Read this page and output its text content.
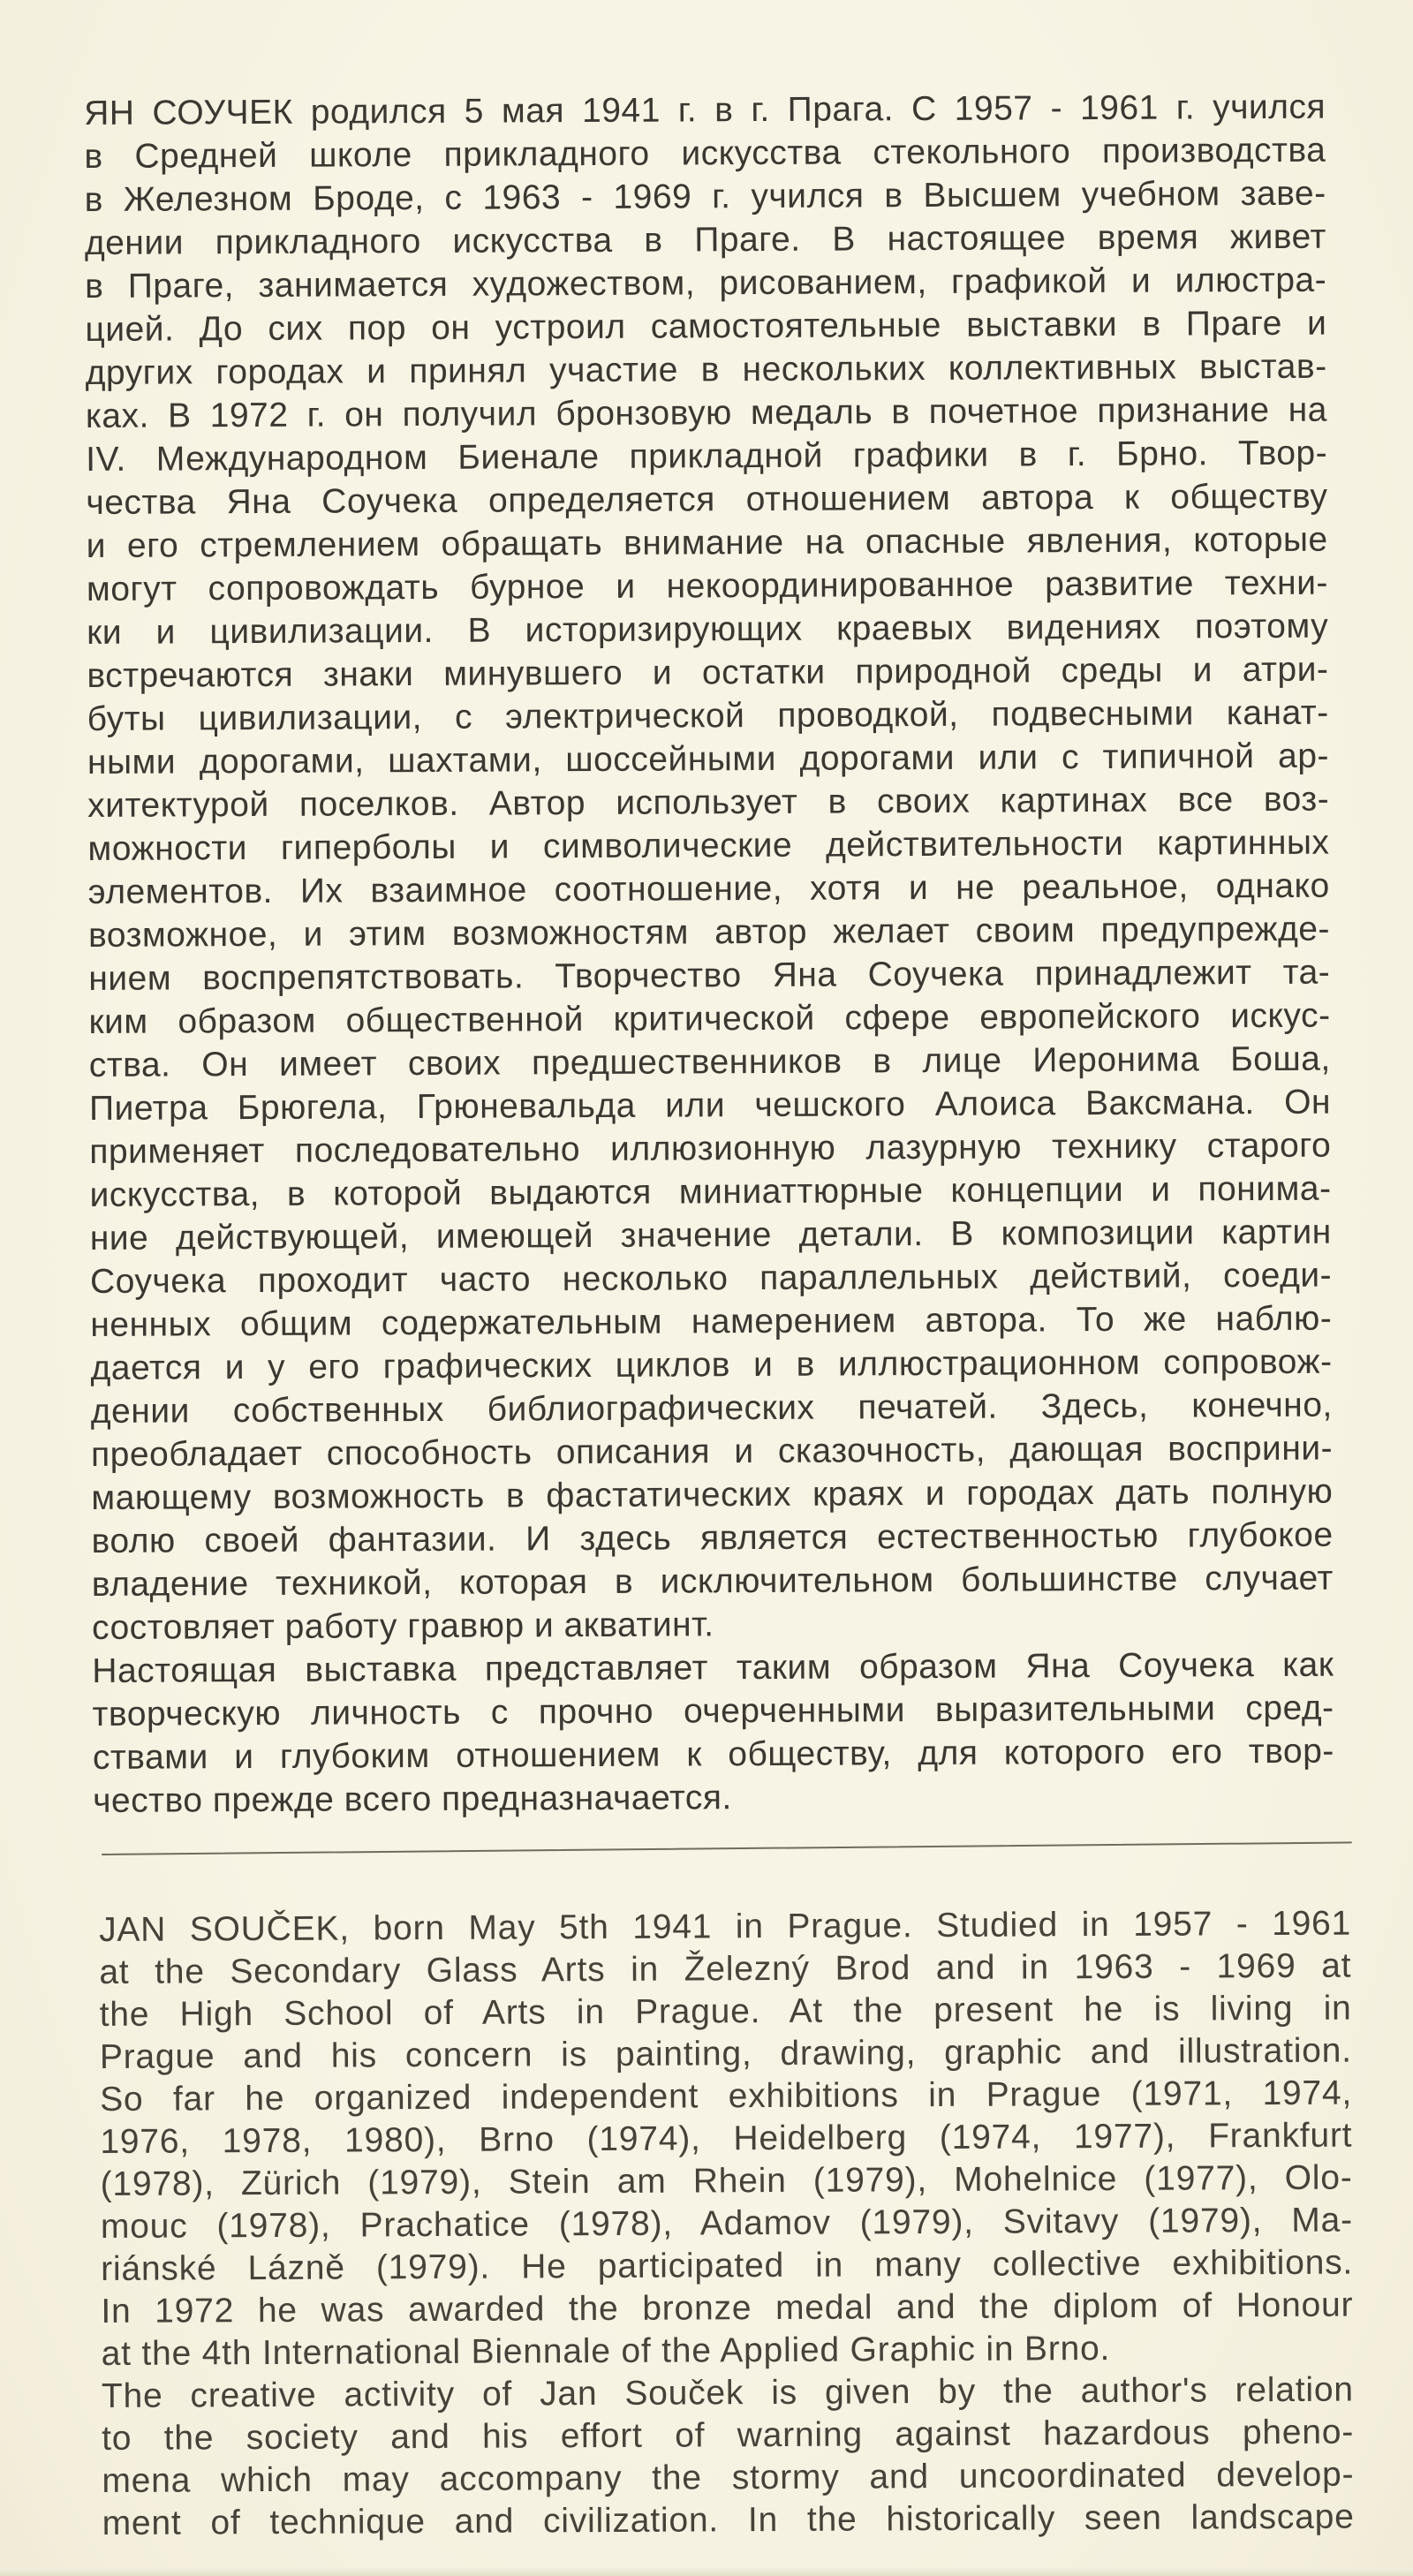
ЯН СОУЧЕК родился 5 мая 1941 г. в г. Прага. С 1957 - 1961 г. учился
в Средней школе прикладного искусства стекольного производства
в Железном Броде, с 1963 - 1969 г. учился в Высшем учебном заве-
дении прикладного искусства в Праге. В настоящее время живет
в Праге, занимается художеством, рисованием, графикой и илюстра-
цией. До сих пор он устроил самостоятельные выставки в Праге и
других городах и принял участие в нескольких коллективных выстав-
ках. В 1972 г. он получил бронзовую медаль в почетное признание на
IV. Международном Биенале прикладной графики в г. Брно. Твор-
чества Яна Соучека определяется отношением автора к обществу
и его стремлением обращать внимание на опасные явления, которые
могут сопровождать бурное и некоординированное развитие техни-
ки и цивилизации. В историзирующих краевых видениях поэтому
встречаются знаки минувшего и остатки природной среды и атри-
буты цивилизации, с электрической проводкой, подвесными канат-
ными дорогами, шахтами, шоссейными дорогами или с типичной ар-
хитектурой поселков. Автор использует в своих картинах все воз-
можности гиперболы и символические действительности картинных
элементов. Их взаимное соотношение, хотя и не реальное, однако
возможное, и этим возможностям автор желает своим предупрежде-
нием воспрепятствовать. Творчество Яна Соучека принадлежит та-
ким образом общественной критической сфере европейского искус-
ства. Он имеет своих предшественников в лице Иеронима Боша,
Пиетра Брюгела, Грюневальда или чешского Алоиса Ваксмана. Он
применяет последовательно иллюзионную лазурную технику старого
искусства, в которой выдаются миниаттюрные концепции и понима-
ние действующей, имеющей значение детали. В композиции картин
Соучека проходит часто несколько параллельных действий, соеди-
ненных общим содержательным намерением автора. То же наблю-
дается и у его графических циклов и в иллюстрационном сопровож-
дении собственных библиографических печатей. Здесь, конечно,
преобладает способность описания и сказочность, дающая восприни-
мающему возможность в фастатических краях и городах дать полную
волю своей фантазии. И здесь является естественностью глубокое
владение техникой, которая в исключительном большинстве случает
состовляет работу гравюр и акватинт.
Настоящая выставка представляет таким образом Яна Соучека как
творческую личность с прочно очерченными выразительными сред-
ствами и глубоким отношением к обществу, для которого его твор-
чество прежде всего предназначается.
JAN SOUČEK, born May 5th 1941 in Prague. Studied in 1957 - 1961
at the Secondary Glass Arts in Železný Brod and in 1963 - 1969 at
the High School of Arts in Prague. At the present he is living in
Prague and his concern is painting, drawing, graphic and illustration.
So far he organized independent exhibitions in Prague (1971, 1974,
1976, 1978, 1980), Brno (1974), Heidelberg (1974, 1977), Frankfurt
(1978), Zürich (1979), Stein am Rhein (1979), Mohelnice (1977), Olo-
mouc (1978), Prachatice (1978), Adamov (1979), Svitavy (1979), Ma-
riánské Lázně (1979). He participated in many collective exhibitions.
In 1972 he was awarded the bronze medal and the diplom of Honour
at the 4th International Biennale of the Applied Graphic in Brno.
The creative activity of Jan Souček is given by the author's relation
to the society and his effort of warning against hazardous pheno-
mena which may accompany the stormy and uncoordinated develop-
ment of technique and civilization. In the historically seen landscape
